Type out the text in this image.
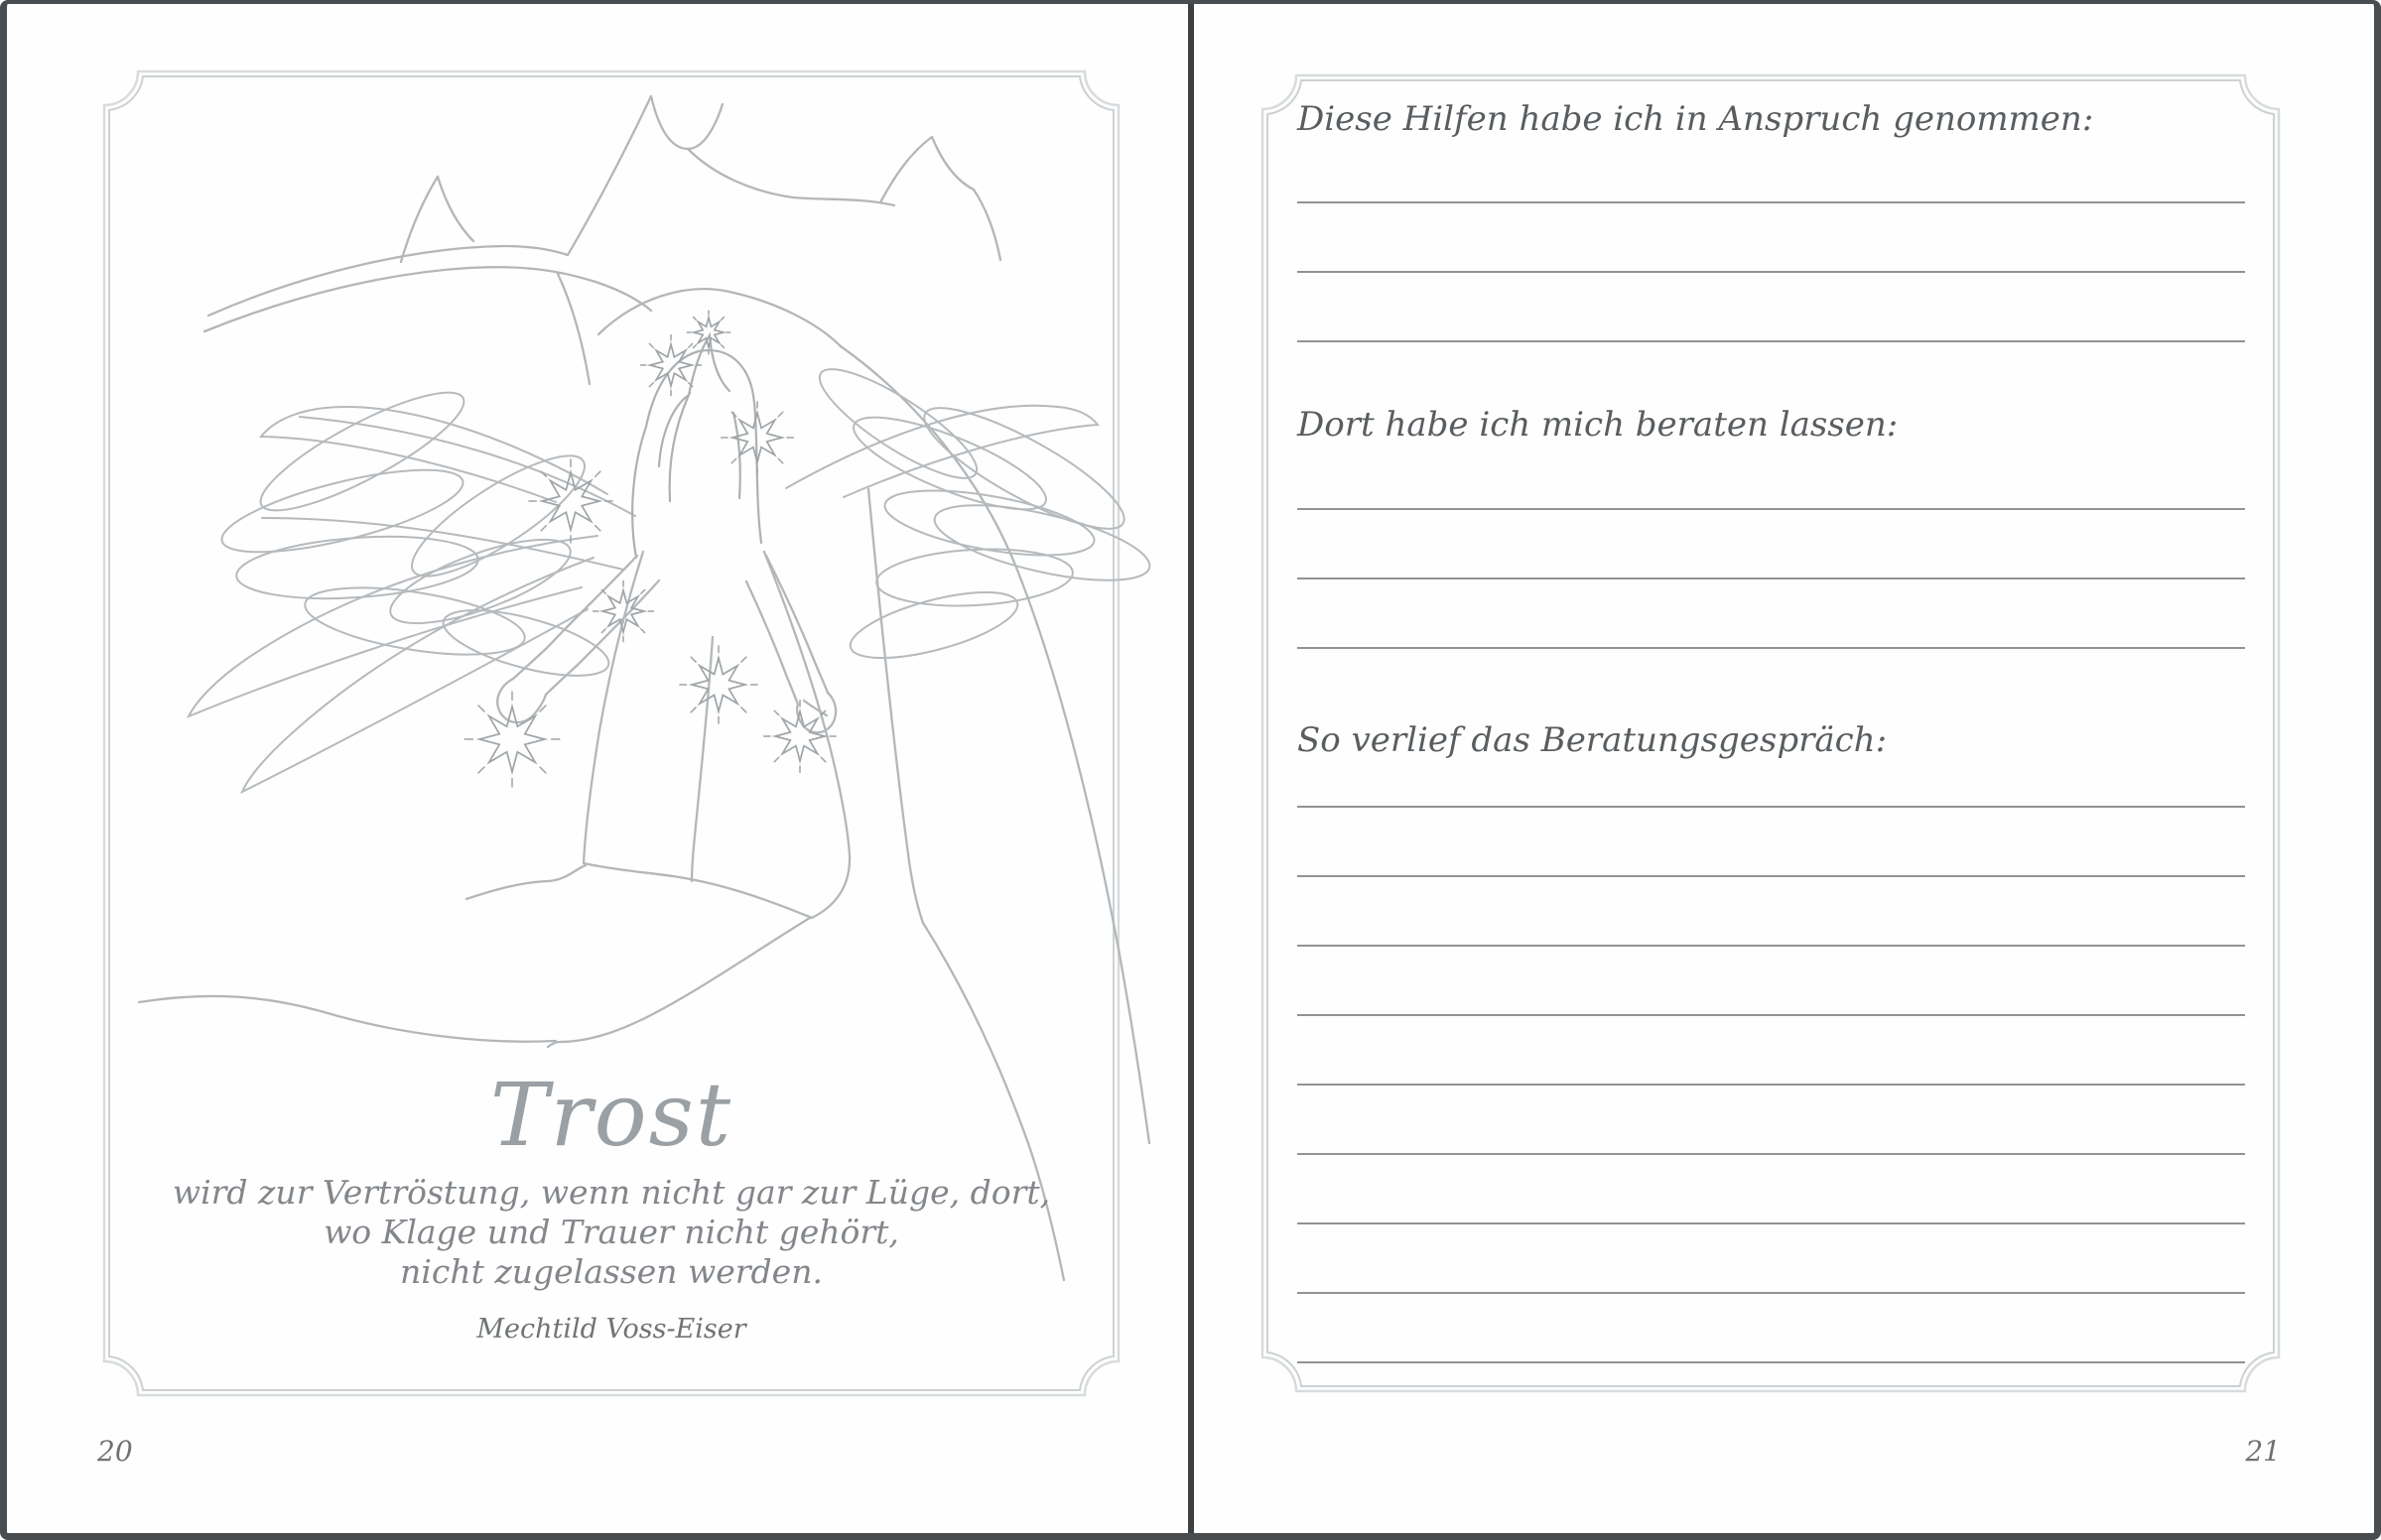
Trost
wird zur Vertröstung, wenn nicht gar zur Lüge, dort,
wo Klage und Trauer nicht gehört,
nicht zugelassen werden.
Mechtild Voss-Eiser
20
Diese Hilfen habe ich in Anspruch genommen:
Dort habe ich mich beraten lassen:
So verlief das Beratungsgespräch:
21
